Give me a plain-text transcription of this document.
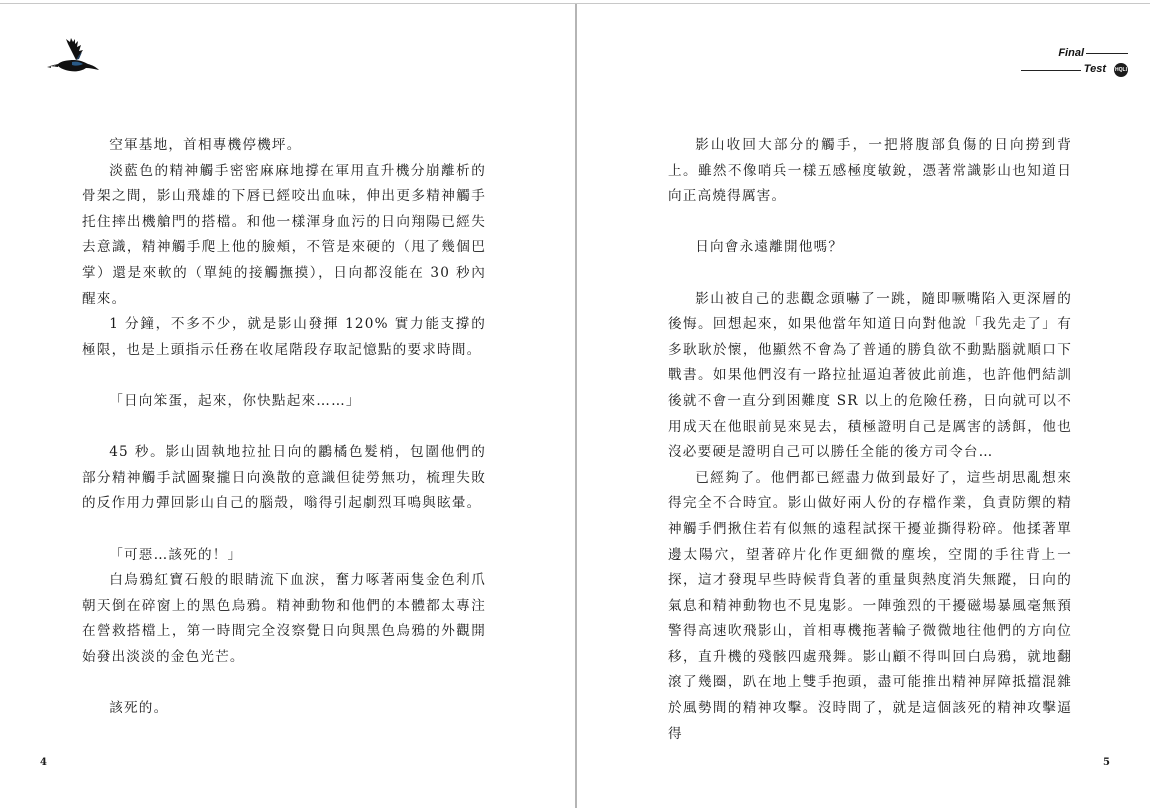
空軍基地，首相專機停機坪。

淡藍色的精神觸手密密麻麻地撐在軍用直升機分崩離析的骨架之間，影山飛雄的下唇已經咬出血味，伸出更多精神觸手托住摔出機艙門的搭檔。和他一樣渾身血污的日向翔陽已經失去意識，精神觸手爬上他的臉頰，不管是來硬的（甩了幾個巴掌）還是來軟的（單純的接觸撫摸），日向都沒能在 30 秒內醒來。

1 分鐘，不多不少，就是影山發揮 120% 實力能支撐的極限，也是上頭指示任務在收尾階段存取記憶點的要求時間。

「日向笨蛋，起來，你快點起來……」

45 秒。影山固執地拉扯日向的鸝橘色髮梢，包圍他們的部分精神觸手試圖聚攏日向渙散的意識但徒勞無功，梳理失敗的反作用力彈回影山自己的腦殼，嗡得引起劇烈耳鳴與眩暈。

「可惡…該死的！」

白烏鴉紅寶石般的眼睛流下血淚，奮力啄著兩隻金色利爪朝天倒在碎窗上的黑色烏鴉。精神動物和他們的本體都太專注在營救搭檔上，第一時間完全沒察覺日向與黑色烏鴉的外觀開始發出淡淡的金色光芒。

該死的。

4
Final
Test HQLI

影山收回大部分的觸手，一把將腹部負傷的日向撈到背上。雖然不像哨兵一樣五感極度敏銳，憑著常識影山也知道日向正高燒得厲害。

日向會永遠離開他嗎？

影山被自己的悲觀念頭嚇了一跳，隨即噘嘴陷入更深層的後悔。回想起來，如果他當年知道日向對他說「我先走了」有多耿耿於懷，他顯然不會為了普通的勝負欲不動點腦就順口下戰書。如果他們沒有一路拉扯逼迫著彼此前進，也許他們結訓後就不會一直分到困難度 SR 以上的危險任務，日向就可以不用成天在他眼前晃來晃去，積極證明自己是厲害的誘餌，他也沒必要硬是證明自己可以勝任全能的後方司令台…

已經夠了。他們都已經盡力做到最好了，這些胡思亂想來得完全不合時宜。影山做好兩人份的存檔作業，負責防禦的精神觸手們揪住若有似無的遠程試探干擾並撕得粉碎。他揉著單邊太陽穴，望著碎片化作更細微的塵埃，空閒的手往背上一探，這才發現早些時候背負著的重量與熱度消失無蹤，日向的氣息和精神動物也不見鬼影。一陣強烈的干擾磁場暴風毫無預警得高速吹飛影山，首相專機拖著輪子微微地往他們的方向位移，直升機的殘骸四處飛舞。影山顧不得叫回白烏鴉，就地翻滾了幾圈，趴在地上雙手抱頭，盡可能推出精神屏障抵擋混雜於風勢間的精神攻擊。沒時間了，就是這個該死的精神攻擊逼得

5
